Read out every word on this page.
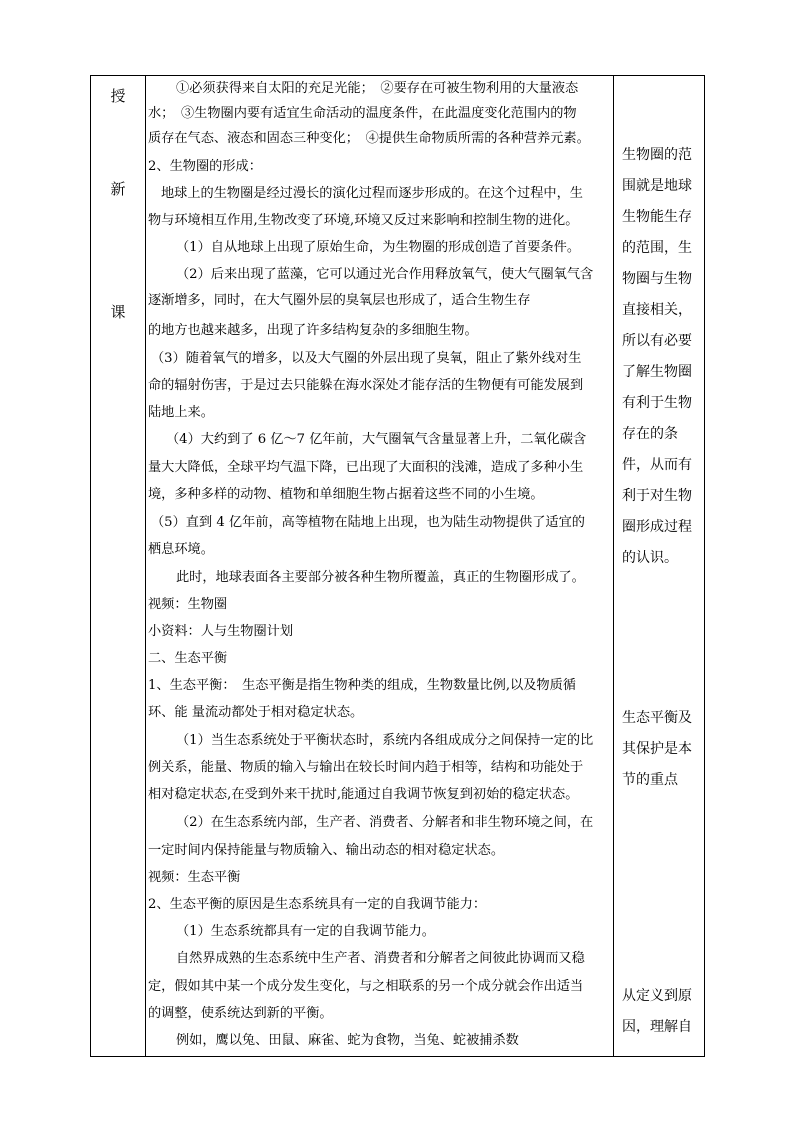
授
新
课
①必须获得来自太阳的充足光能；　②要存在可被生物利用的大量液态
水；　③生物圈内要有适宜生命活动的温度条件，在此温度变化范围内的物
质存在气态、液态和固态三种变化；　④提供生命物质所需的各种营养元素。
2、生物圈的形成：
地球上的生物圈是经过漫长的演化过程而逐步形成的。在这个过程中，生
物与环境相互作用,生物改变了环境,环境又反过来影响和控制生物的进化。
（1）自从地球上出现了原始生命，为生物圈的形成创造了首要条件。
（2）后来出现了蓝藻，它可以通过光合作用释放氧气，使大气圈氧气含
逐渐增多，同时，在大气圈外层的臭氧层也形成了，适合生物生存
的地方也越来越多，出现了许多结构复杂的多细胞生物。
（3）随着氧气的增多，以及大气圈的外层出现了臭氧，阻止了紫外线对生
命的辐射伤害，于是过去只能躲在海水深处才能存活的生物便有可能发展到
陆地上来。
（4）大约到了 6 亿～7 亿年前，大气圈氧气含量显著上升，二氧化碳含
量大大降低，全球平均气温下降，已出现了大面积的浅滩，造成了多种小生
境，多种多样的动物、植物和单细胞生物占据着这些不同的小生境。
（5）直到 4 亿年前，高等植物在陆地上出现，也为陆生动物提供了适宜的
栖息环境。
此时，地球表面各主要部分被各种生物所覆盖，真正的生物圈形成了。
视频：生物圈
小资料：人与生物圈计划
二、生态平衡
1、生态平衡：　生态平衡是指生物种类的组成，生物数量比例,以及物质循
环、能 量流动都处于相对稳定状态。
（1）当生态系统处于平衡状态时，系统内各组成成分之间保持一定的比
例关系，能量、物质的输入与输出在较长时间内趋于相等，结构和功能处于
相对稳定状态,在受到外来干扰时,能通过自我调节恢复到初始的稳定状态。
（2）在生态系统内部，生产者、消费者、分解者和非生物环境之间，在
一定时间内保持能量与物质输入、输出动态的相对稳定状态。
视频：生态平衡
2、生态平衡的原因是生态系统具有一定的自我调节能力：
（1）生态系统都具有一定的自我调节能力。
自然界成熟的生态系统中生产者、消费者和分解者之间彼此协调而又稳
定，假如其中某一个成分发生变化，与之相联系的另一个成分就会作出适当
的调整，使系统达到新的平衡。
例如，鹰以兔、田鼠、麻雀、蛇为食物，当兔、蛇被捕杀数
生物圈的范围就是地球生物能生存的范围，生物圈与生物直接相关，所以有必要了解生物圈有利于生物存在的条件，从而有利于对生物圈形成过程的认识。
生态平衡及其保护是本节的重点
从定义到原因，理解自
